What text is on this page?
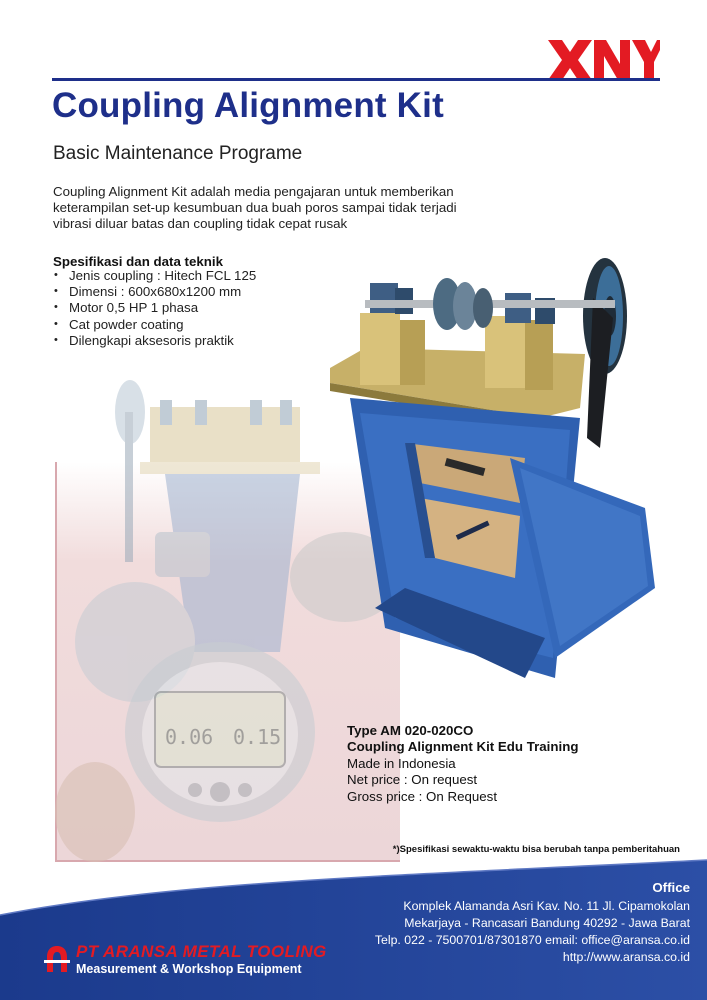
Coupling Alignment Kit
Basic Maintenance Programe

Coupling Alignment Kit adalah media pengajaran untuk memberikan keterampilan set-up kesumbuan dua buah poros sampai tidak terjadi vibrasi diluar batas dan coupling tidak cepat rusak

Spesifikasi dan data teknik
• Jenis coupling : Hitech FCL 125
• Dimensi : 600x680x1200 mm
• Motor 0,5 HP 1 phasa
• Cat powder coating
• Dilengkapi aksesoris praktik
0.06 0.15	Type AM 020-020CO
Coupling Alignment Kit Edu Training
Made in Indonesia
Net price : On request
Gross price : On Request
*)Spesifikasi sewaktu-waktu bisa berubah tanpa pemberitahuan
Office
Komplek Alamanda Asri Kav. No. 11 Jl. Cipamokolan
Mekarjaya - Rancasari Bandung 40292 - Jawa Barat
Telp. 022 - 7500701/87301870 email: office@aransa.co.id
http://www.aransa.co.id
PT ARANSA METAL TOOLING
Measurement & Workshop Equipment
